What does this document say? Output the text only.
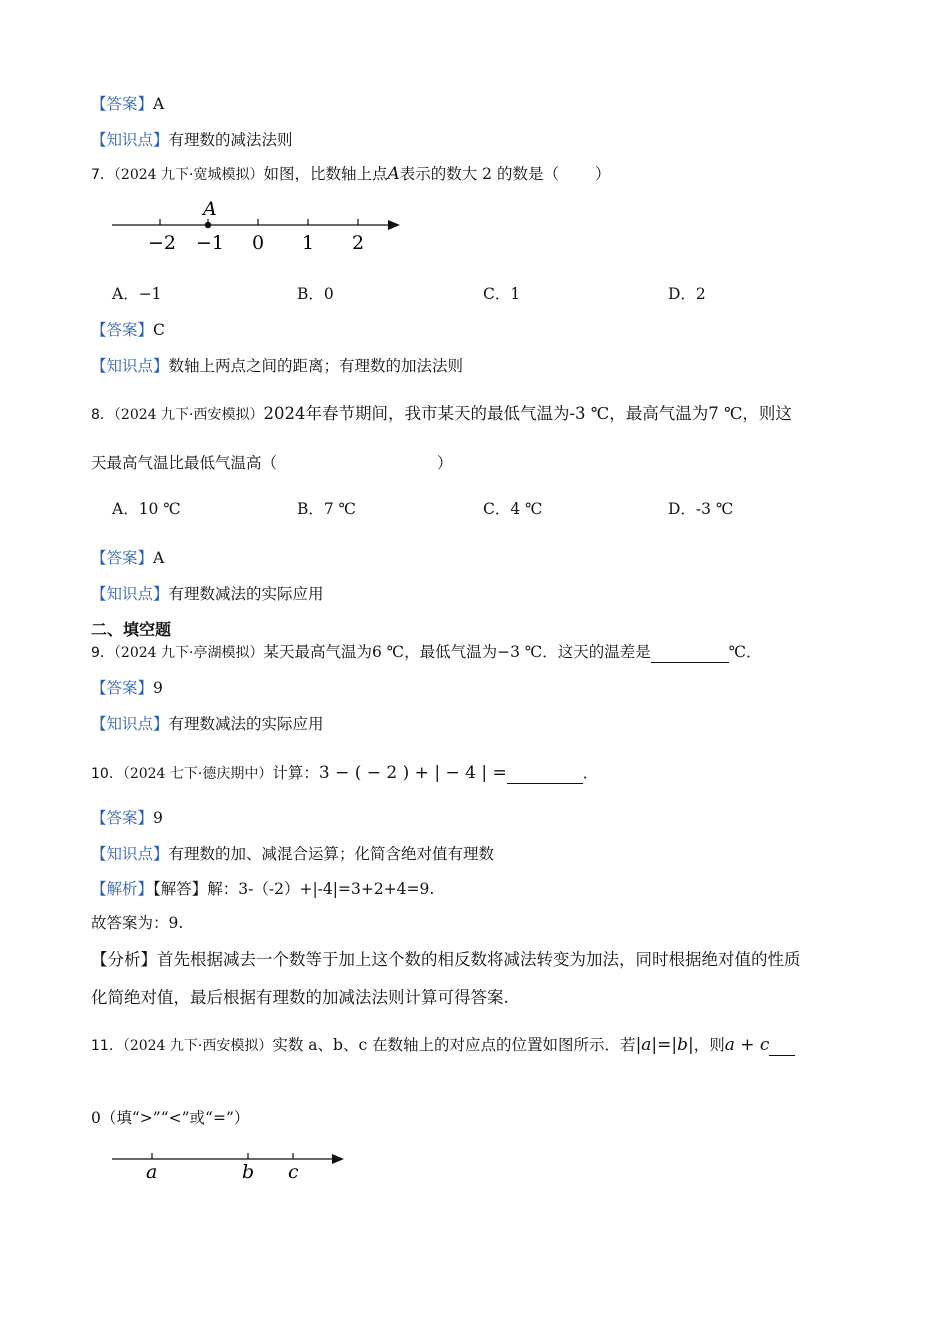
【答案】A
【知识点】有理数的减法法则
7．（2024 九下·宽城模拟）如图，比数轴上点A表示的数大 2 的数是（ ）
A
−2 −1 0 1 2
A．−1	B．0	C．1	D．2
【答案】C
【知识点】数轴上两点之间的距离；有理数的加法法则
8．（2024 九下·西安模拟）2024年春节期间，我市某天的最低气温为-3 ℃，最高气温为7 ℃，则这
天最高气温比最低气温高（	）
A．10 ℃	B．7 ℃	C．4 ℃	D．-3 ℃
【答案】A
【知识点】有理数减法的实际应用
二、填空题
9．（2024 九下·亭湖模拟）某天最高气温为6 ℃，最低气温为−3 ℃．这天的温差是	℃．
【答案】9
【知识点】有理数减法的实际应用
10．（2024 七下·德庆期中）计算：3 − ( − 2 ) + | − 4 | =	．
【答案】9
【知识点】有理数的加、减混合运算；化简含绝对值有理数
【解析】【解答】解：3-（-2）+|-4|=3+2+4=9.
故答案为：9.
【分析】首先根据减去一个数等于加上这个数的相反数将减法转变为加法，同时根据绝对值的性质
化简绝对值，最后根据有理数的加减法法则计算可得答案.
11．（2024 九下·西安模拟）实数 a、b、c 在数轴上的对应点的位置如图所示．若|a|=|b|，则a + c
0（填“>”“<”或“=”）
a	b c
